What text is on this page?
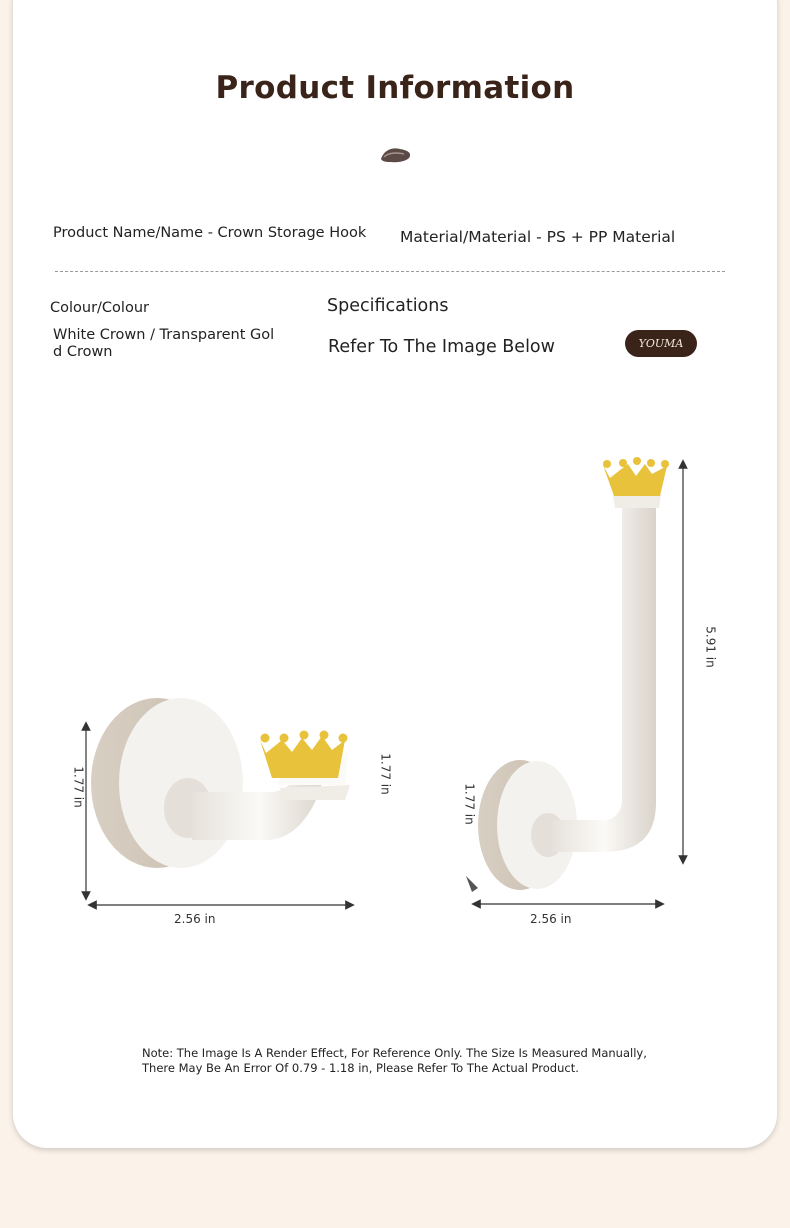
Product Information
Product Name/Name - Crown Storage Hook Material/Material - PS + PP Material
Colour/Colour
White Crown / Transparent Gold Crown
Specifications
Refer To The Image Below	YOUMA
1.77 in	1.77 in
2.56 in
5.91 in
1.77 in
2.56 in
Note: The Image Is A Render Effect, For Reference Only. The Size Is Measured Manually, There May Be An Error Of 0.79 - 1.18 in, Please Refer To The Actual Product.
